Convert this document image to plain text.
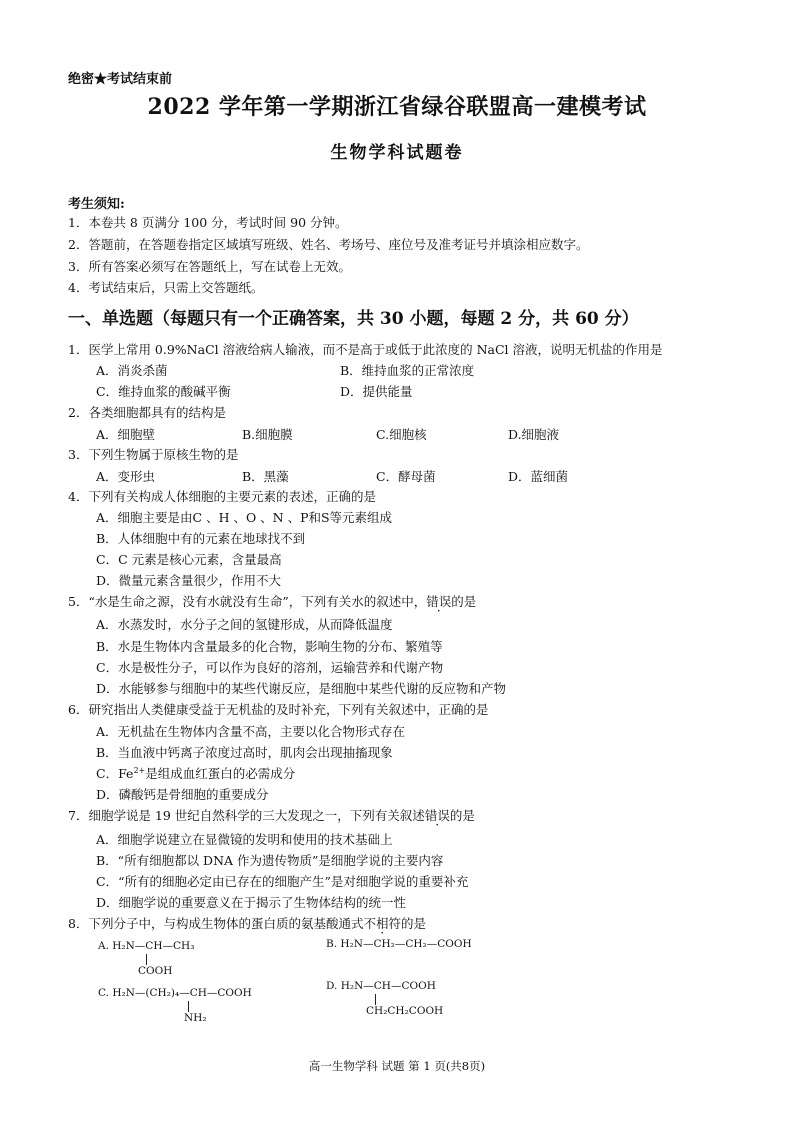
绝密★考试结束前
2022 学年第一学期浙江省绿谷联盟高一建模考试
生物学科试题卷
考生须知:
1．本卷共 8 页满分 100 分，考试时间 90 分钟。
2．答题前，在答题卷指定区域填写班级、姓名、考场号、座位号及准考证号并填涂相应数字。
3．所有答案必须写在答题纸上，写在试卷上无效。
4．考试结束后，只需上交答题纸。
一、单选题（每题只有一个正确答案，共 30 小题，每题 2 分，共 60 分）
1．医学上常用 0.9%NaCl 溶液给病人输液，而不是高于或低于此浓度的 NaCl 溶液，说明无机盐的作用是
A．消炎杀菌	B．维持血浆的正常浓度
C．维持血浆的酸碱平衡	D．提供能量
2．各类细胞都具有的结构是
A．细胞壁	B.细胞膜	C.细胞核	D.细胞液
3．下列生物属于原核生物的是
A．变形虫	B．黑藻	C．酵母菌	D．蓝细菌
4．下列有关构成人体细胞的主要元素的表述，正确的是
A．细胞主要是由C 、H 、O 、N 、P和S等元素组成
B．人体细胞中有的元素在地球找不到
C．C 元素是核心元素，含量最高
D．微量元素含量很少，作用不大
5．“水是生命之源，没有水就没有生命”，下列有关水的叙述中，错误的是
A．水蒸发时，水分子之间的氢键形成，从而降低温度
B．水是生物体内含量最多的化合物，影响生物的分布、繁殖等
C．水是极性分子，可以作为良好的溶剂，运输营养和代谢产物
D．水能够参与细胞中的某些代谢反应，是细胞中某些代谢的反应物和产物
6．研究指出人类健康受益于无机盐的及时补充，下列有关叙述中，正确的是
A．无机盐在生物体内含量不高，主要以化合物形式存在
B．当血液中钙离子浓度过高时，肌肉会出现抽搐现象
C．$Fe^{2+}$是组成血红蛋白的必需成分
D．磷酸钙是骨细胞的重要成分
7．细胞学说是 19 世纪自然科学的三大发现之一，下列有关叙述错误的是
A．细胞学说建立在显微镜的发明和使用的技术基础上
B．“所有细胞都以 DNA 作为遗传物质”是细胞学说的主要内容
C．“所有的细胞必定由已存在的细胞产生”是对细胞学说的重要补充
D．细胞学说的重要意义在于揭示了生物体结构的统一性
8．下列分子中，与构成生物体的蛋白质的氨基酸通式不相符的是
A. H₂N—CH—CH₃
COOH
B. H₂N—CH₂—CH₂—COOH
C. H₂N—(CH₂)₄—CH—COOH
NH₂
D. H₂N—CH—COOH
CH₂CH₂COOH
高一生物学科 试题 第 1 页(共8页)
